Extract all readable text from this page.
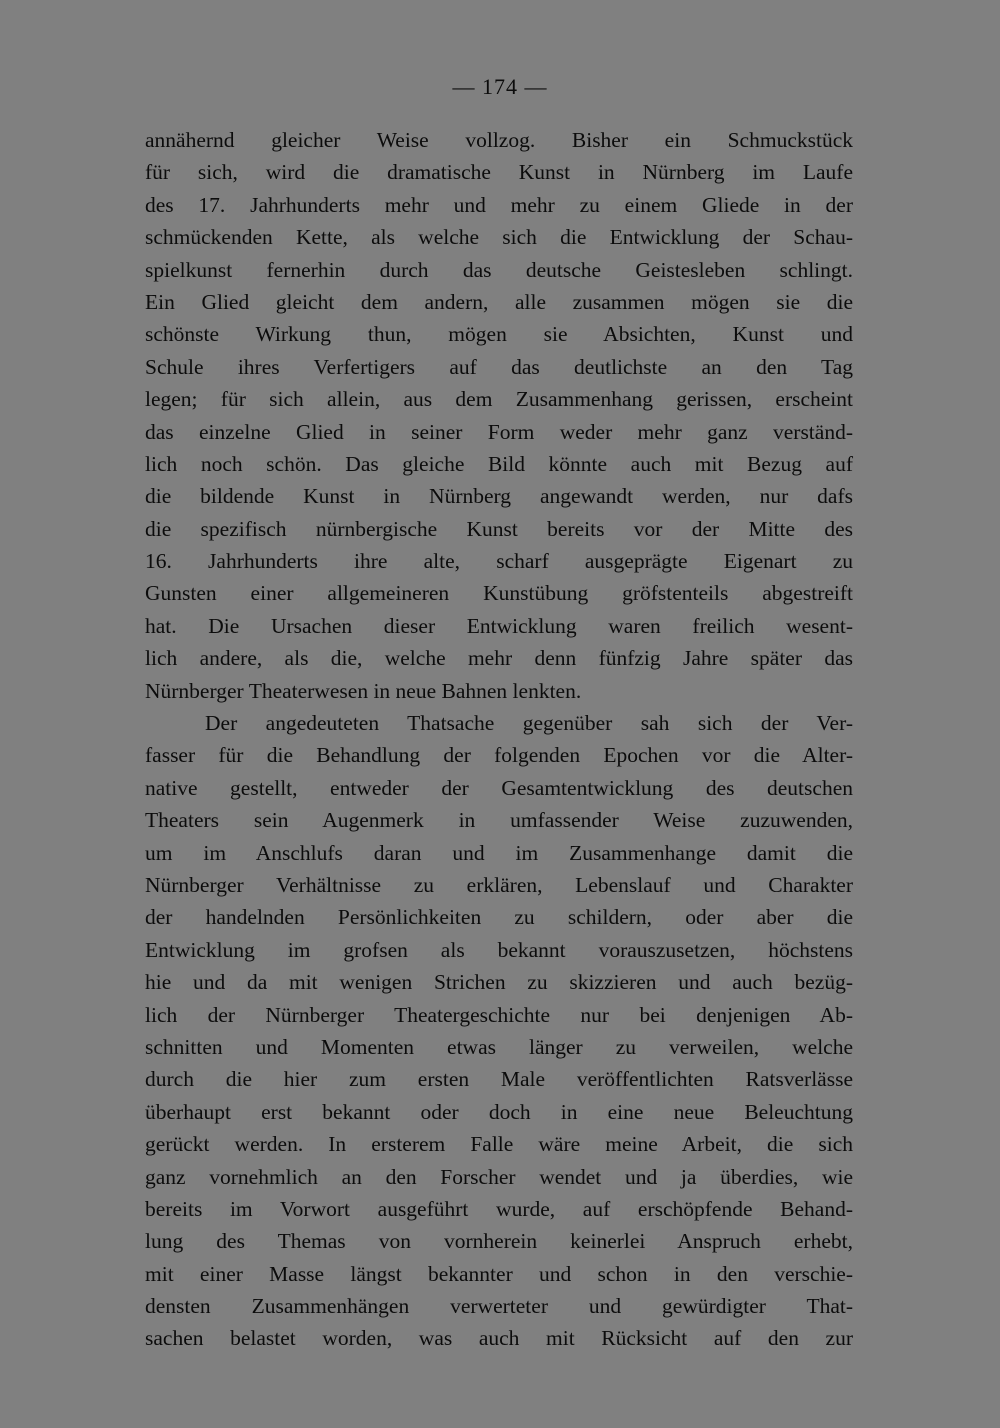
— 174 —
annähernd gleicher Weise vollzog. Bisher ein Schmuckstück
für sich, wird die dramatische Kunst in Nürnberg im Laufe
des 17. Jahrhunderts mehr und mehr zu einem Gliede in der
schmückenden Kette, als welche sich die Entwicklung der Schau-
spielkunst fernerhin durch das deutsche Geistesleben schlingt.
Ein Glied gleicht dem andern, alle zusammen mögen sie die
schönste Wirkung thun, mögen sie Absichten, Kunst und
Schule ihres Verfertigers auf das deutlichste an den Tag
legen; für sich allein, aus dem Zusammenhang gerissen, erscheint
das einzelne Glied in seiner Form weder mehr ganz verständ-
lich noch schön. Das gleiche Bild könnte auch mit Bezug auf
die bildende Kunst in Nürnberg angewandt werden, nur dafs
die spezifisch nürnbergische Kunst bereits vor der Mitte des
16. Jahrhunderts ihre alte, scharf ausgeprägte Eigenart zu
Gunsten einer allgemeineren Kunstübung gröfstenteils abgestreift
hat. Die Ursachen dieser Entwicklung waren freilich wesent-
lich andere, als die, welche mehr denn fünfzig Jahre später das
Nürnberger Theaterwesen in neue Bahnen lenkten.
Der angedeuteten Thatsache gegenüber sah sich der Ver-
fasser für die Behandlung der folgenden Epochen vor die Alter-
native gestellt, entweder der Gesamtentwicklung des deutschen
Theaters sein Augenmerk in umfassender Weise zuzuwenden,
um im Anschlufs daran und im Zusammenhange damit die
Nürnberger Verhältnisse zu erklären, Lebenslauf und Charakter
der handelnden Persönlichkeiten zu schildern, oder aber die
Entwicklung im grofsen als bekannt vorauszusetzen, höchstens
hie und da mit wenigen Strichen zu skizzieren und auch bezüg-
lich der Nürnberger Theatergeschichte nur bei denjenigen Ab-
schnitten und Momenten etwas länger zu verweilen, welche
durch die hier zum ersten Male veröffentlichten Ratsverlässe
überhaupt erst bekannt oder doch in eine neue Beleuchtung
gerückt werden. In ersterem Falle wäre meine Arbeit, die sich
ganz vornehmlich an den Forscher wendet und ja überdies, wie
bereits im Vorwort ausgeführt wurde, auf erschöpfende Behand-
lung des Themas von vornherein keinerlei Anspruch erhebt,
mit einer Masse längst bekannter und schon in den verschie-
densten Zusammenhängen verwerteter und gewürdigter That-
sachen belastet worden, was auch mit Rücksicht auf den zur
